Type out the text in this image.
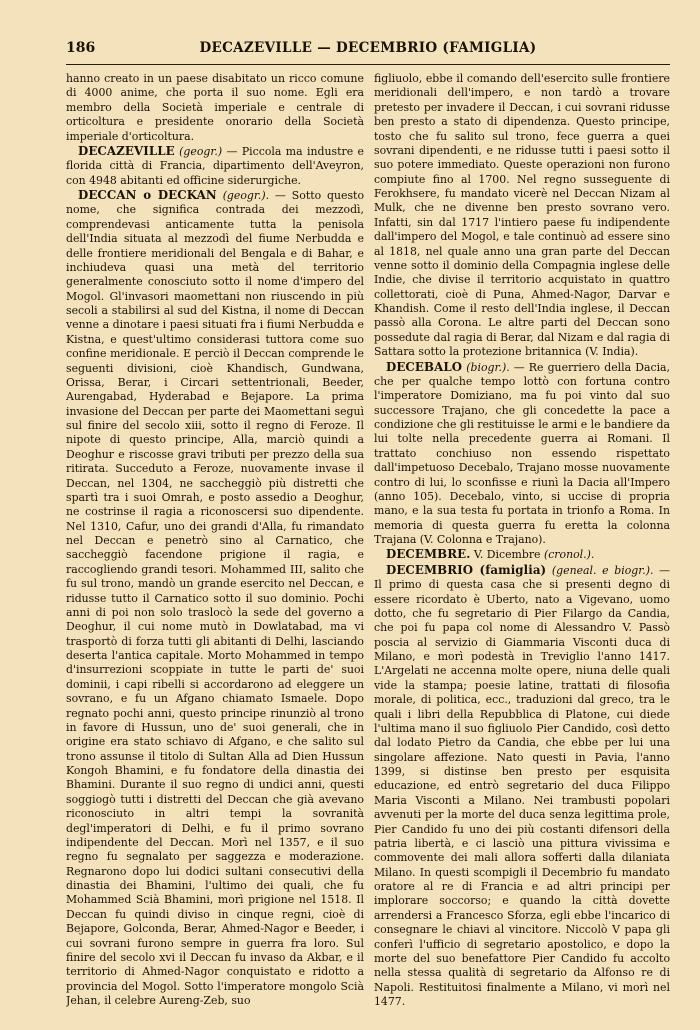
186	DECAZEVILLE — DECEMBRIO (FAMIGLIA)

hanno creato in un paese disabitato un ricco comune di 4000 anime, che porta il suo nome. Egli era membro della Società imperiale e centrale di orticoltura e presidente onorario della Società imperiale d'orticoltura.

DECAZEVILLE (geogr.) — Piccola ma industre e florida città di Francia, dipartimento dell'Aveyron, con 4948 abitanti ed officine siderurgiche.

DECCAN o DECKAN (geogr.). — Sotto questo nome, che significa contrada dei mezzodì, comprendevasi anticamente tutta la penisola dell'India situata al mezzodì del fiume Nerbudda e delle frontiere meridionali del Bengala e di Bahar, e inchiudeva quasi una metà del territorio generalmente conosciuto sotto il nome d'impero del Mogol. Gl'invasori maomettani non riuscendo in più secoli a stabilirsi al sud del Kistna, il nome di Deccan venne a dinotare i paesi situati fra i fiumi Nerbudda e Kistna, e quest'ultimo considerasi tuttora come suo confine meridionale. E perciò il Deccan comprende le seguenti divisioni, cioè Khandisch, Gundwana, Orissa, Berar, i Circari settentrionali, Beeder, Aurengabad, Hyderabad e Bejapore. La prima invasione del Deccan per parte dei Maomettani seguì sul finire del secolo xiii, sotto il regno di Feroze. Il nipote di questo principe, Alla, marciò quindi a Deoghur e riscosse gravi tributi per prezzo della sua ritirata. Succeduto a Feroze, nuovamente invase il Deccan, nel 1304, ne saccheggiò più distretti che spartì tra i suoi Omrah, e posto assedio a Deoghur, ne costrinse il ragia a riconoscersi suo dipendente. Nel 1310, Cafur, uno dei grandi d'Alla, fu rimandato nel Deccan e penetrò sino al Carnatico, che saccheggiò facendone prigione il ragia, e raccogliendo grandi tesori. Mohammed III, salito che fu sul trono, mandò un grande esercito nel Deccan, e ridusse tutto il Carnatico sotto il suo dominio. Pochi anni di poi non solo traslocò la sede del governo a Deoghur, il cui nome mutò in Dowlatabad, ma vi trasportò di forza tutti gli abitanti di Delhi, lasciando deserta l'antica capitale. Morto Mohammed in tempo d'insurrezioni scoppiate in tutte le parti de' suoi dominii, i capi ribelli si accordarono ad eleggere un sovrano, e fu un Afgano chiamato Ismaele. Dopo regnato pochi anni, questo principe rinunziò al trono in favore di Hussun, uno de' suoi generali, che in origine era stato schiavo di Afgano, e che salito sul trono assunse il titolo di Sultan Alla ad Dien Hussun Kongoh Bhamini, e fu fondatore della dinastia dei Bhamini. Durante il suo regno di undici anni, questi soggiogò tutti i distretti del Deccan che già avevano riconosciuto in altri tempi la sovranità degl'imperatori di Delhi, e fu il primo sovrano indipendente del Deccan. Morì nel 1357, e il suo regno fu segnalato per saggezza e moderazione. Regnarono dopo lui dodici sultani consecutivi della dinastia dei Bhamini, l'ultimo dei quali, che fu Mohammed Scià Bhamini, morì prigione nel 1518. Il Deccan fu quindi diviso in cinque regni, cioè di Bejapore, Golconda, Berar, Ahmed-Nagor e Beeder, i cui sovrani furono sempre in guerra fra loro. Sul finire del secolo xvi il Deccan fu invaso da Akbar, e il territorio di Ahmed-Nagor conquistato e ridotto a provincia del Mogol. Sotto l'imperatore mongolo Scià Jehan, il celebre Aureng-Zeb, suo

figliuolo, ebbe il comando dell'esercito sulle frontiere meridionali dell'impero, e non tardò a trovare pretesto per invadere il Deccan, i cui sovrani ridusse ben presto a stato di dipendenza. Questo principe, tosto che fu salito sul trono, fece guerra a quei sovrani dipendenti, e ne ridusse tutti i paesi sotto il suo potere immediato. Queste operazioni non furono compiute fino al 1700. Nel regno susseguente di Ferokhsere, fu mandato vicerè nel Deccan Nizam al Mulk, che ne divenne ben presto sovrano vero. Infatti, sin dal 1717 l'intiero paese fu indipendente dall'impero del Mogol, e tale continuò ad essere sino al 1818, nel quale anno una gran parte del Deccan venne sotto il dominio della Compagnia inglese delle Indie, che divise il territorio acquistato in quattro collettorati, cioè di Puna, Ahmed-Nagor, Darvar e Khandish. Come il resto dell'India inglese, il Deccan passò alla Corona. Le altre parti del Deccan sono possedute dal ragia di Berar, dal Nizam e dal ragia di Sattara sotto la protezione britannica (V. India).

DECEBALO (biogr.). — Re guerriero della Dacia, che per qualche tempo lottò con fortuna contro l'imperatore Domiziano, ma fu poi vinto dal suo successore Trajano, che gli concedette la pace a condizione che gli restituisse le armi e le bandiere da lui tolte nella precedente guerra ai Romani. Il trattato conchiuso non essendo rispettato dall'impetuoso Decebalo, Trajano mosse nuovamente contro di lui, lo sconfisse e riunì la Dacia all'Impero (anno 105). Decebalo, vinto, si uccise di propria mano, e la sua testa fu portata in trionfo a Roma. In memoria di questa guerra fu eretta la colonna Trajana (V. Colonna e Trajano).

DECEMBRE. V. Dicembre (cronol.).

DECEMBRIO (famiglia) (geneal. e biogr.). — Il primo di questa casa che si presenti degno di essere ricordato è Uberto, nato a Vigevano, uomo dotto, che fu segretario di Pier Filargo da Candia, che poi fu papa col nome di Alessandro V. Passò poscia al servizio di Giammaria Visconti duca di Milano, e morì podestà in Treviglio l'anno 1417. L'Argelati ne accenna molte opere, niuna delle quali vide la stampa; poesie latine, trattati di filosofia morale, di politica, ecc., traduzioni dal greco, tra le quali i libri della Repubblica di Platone, cui diede l'ultima mano il suo figliuolo Pier Candido, così detto dal lodato Pietro da Candia, che ebbe per lui una singolare affezione. Nato questi in Pavia, l'anno 1399, si distinse ben presto per esquisita educazione, ed entrò segretario del duca Filippo Maria Visconti a Milano. Nei trambusti popolari avvenuti per la morte del duca senza legittima prole, Pier Candido fu uno dei più costanti difensori della patria libertà, e ci lasciò una pittura vivissima e commovente dei mali allora sofferti dalla dilaniata Milano. In questi scompigli il Decembrio fu mandato oratore al re di Francia e ad altri principi per implorare soccorso; e quando la città dovette arrendersi a Francesco Sforza, egli ebbe l'incarico di consegnare le chiavi al vincitore. Niccolò V papa gli conferì l'ufficio di segretario apostolico, e dopo la morte del suo benefattore Pier Candido fu accolto nella stessa qualità di segretario da Alfonso re di Napoli. Restituitosi finalmente a Milano, vi morì nel 1477.
